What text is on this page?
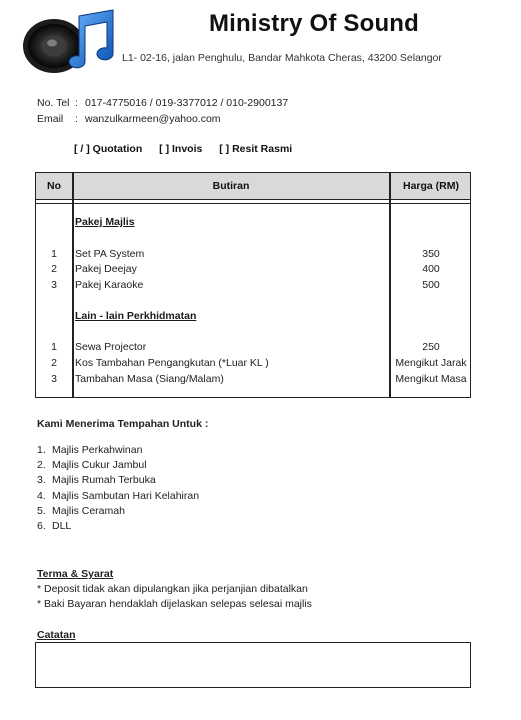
Ministry Of Sound
L1- 02-16, jalan Penghulu, Bandar Mahkota Cheras, 43200 Selangor
No. Tel : 017-4775016 / 019-3377012 / 010-2900137
Email : wanzulkarmeen@yahoo.com
[ / ] Quotation [ ] Invois [ ] Resit Rasmi
No	Butiran	Harga (RM)
Pakej Majlis
1	Set PA System	350
2	Pakej Deejay	400
3	Pakej Karaoke	500
Lain - lain Perkhidmatan
1	Sewa Projector	250
2	Kos Tambahan Pengangkutan (*Luar KL )	Mengikut Jarak
3	Tambahan Masa (Siang/Malam)	Mengikut Masa
Kami Menerima Tempahan Untuk :
1. Majlis Perkahwinan
2. Majlis Cukur Jambul
3. Majlis Rumah Terbuka
4. Majlis Sambutan Hari Kelahiran
5. Majlis Ceramah
6. DLL
Terma & Syarat
* Deposit tidak akan dipulangkan jika perjanjian dibatalkan
* Baki Bayaran hendaklah dijelaskan selepas selesai majlis
Catatan
